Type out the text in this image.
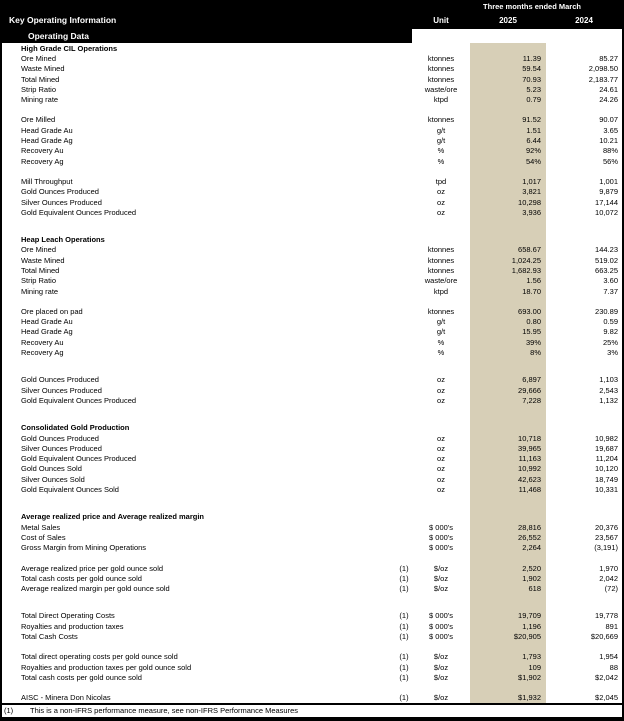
Three months ended March
Key Operating Information	Unit	2025	2024
Operating Data
High Grade CIL Operations
Ore Mined	ktonnes	11.39	85.27
Waste Mined	ktonnes	59.54	2,098.50
Total Mined	ktonnes	70.93	2,183.77
Strip Ratio	waste/ore	5.23	24.61
Mining rate	ktpd	0.79	24.26
Ore Milled	ktonnes	91.52	90.07
Head Grade Au	g/t	1.51	3.65
Head Grade Ag	g/t	6.44	10.21
Recovery Au	%	92%	88%
Recovery Ag	%	54%	56%
Mill Throughput	tpd	1,017	1,001
Gold Ounces Produced	oz	3,821	9,879
Silver Ounces Produced	oz	10,298	17,144
Gold Equivalent Ounces Produced	oz	3,936	10,072
Heap Leach Operations
Ore Mined	ktonnes	658.67	144.23
Waste Mined	ktonnes	1,024.25	519.02
Total Mined	ktonnes	1,682.93	663.25
Strip Ratio	waste/ore	1.56	3.60
Mining rate	ktpd	18.70	7.37
Ore placed on pad	ktonnes	693.00	230.89
Head Grade Au	g/t	0.80	0.59
Head Grade Ag	g/t	15.95	9.82
Recovery Au	%	39%	25%
Recovery Ag	%	8%	3%
Gold Ounces Produced	oz	6,897	1,103
Silver Ounces Produced	oz	29,666	2,543
Gold Equivalent Ounces Produced	oz	7,228	1,132
Consolidated Gold Production
Gold Ounces Produced	oz	10,718	10,982
Silver Ounces Produced	oz	39,965	19,687
Gold Equivalent Ounces Produced	oz	11,163	11,204
Gold Ounces Sold	oz	10,992	10,120
Silver Ounces Sold	oz	42,623	18,749
Gold Equivalent Ounces Sold	oz	11,468	10,331
Average realized price and Average realized margin
Metal Sales	$ 000's	28,816	20,376
Cost of Sales	$ 000's	26,552	23,567
Gross Margin from Mining Operations	$ 000's	2,264	(3,191)
Average realized price per gold ounce sold	(1)	$/oz	2,520	1,970
Total cash costs per gold ounce sold	(1)	$/oz	1,902	2,042
Average realized margin per gold ounce sold	(1)	$/oz	618	(72)
Total Direct Operating Costs	(1)	$ 000's	19,709	19,778
Royalties and production taxes	(1)	$ 000's	1,196	891
Total Cash Costs	(1)	$ 000's	$20,905	$20,669
Total direct operating costs per gold ounce sold	(1)	$/oz	1,793	1,954
Royalties and production taxes per gold ounce sold	(1)	$/oz	109	88
Total cash costs per gold ounce sold	(1)	$/oz	$1,902	$2,042
AISC - Minera Don Nicolas	(1)	$/oz	$1,932	$2,045
(1) This is a non-IFRS performance measure, see non-IFRS Performance Measures
